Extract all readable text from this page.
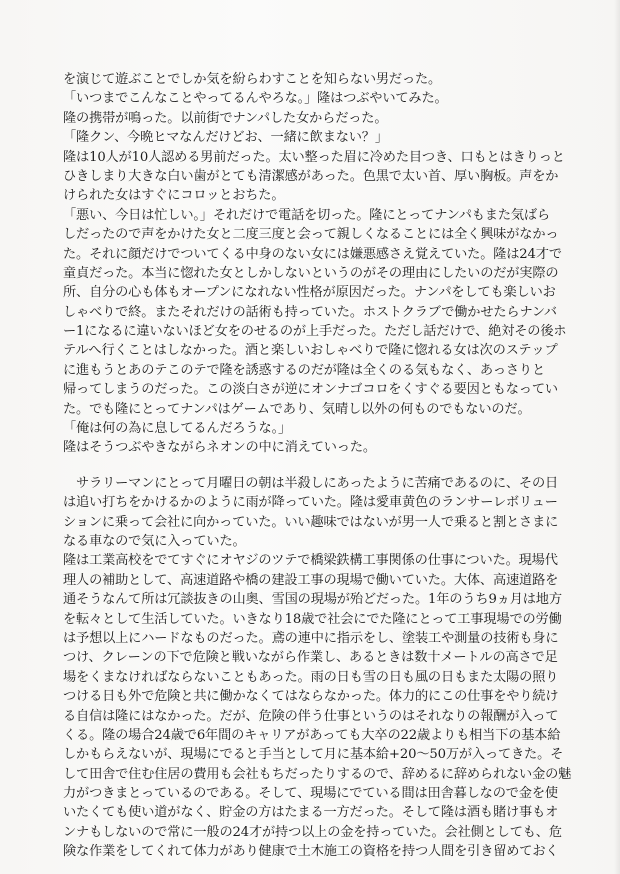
を演じて遊ぶことでしか気を紛らわすことを知らない男だった。
「いつまでこんなことやってるんやろな。」隆はつぶやいてみた。
隆の携帯が鳴った。以前街でナンパした女からだった。
「隆クン、今晩ヒマなんだけどお、一緒に飲まない？」
隆は10人が10人認める男前だった。太い整った眉に冷めた目つき、口もとはきりっと
ひきしまり大きな白い歯がとても清潔感があった。色黒で太い首、厚い胸板。声をか
けられた女はすぐにコロッとおちた。
「悪い、今日は忙しい。」それだけで電話を切った。隆にとってナンパもまた気ばら
しだったので声をかけた女と二度三度と会って親しくなることには全く興味がなかっ
た。それに顔だけでついてくる中身のない女には嫌悪感さえ覚えていた。隆は24才で
童貞だった。本当に惚れた女としかしないというのがその理由にしたいのだが実際の
所、自分の心も体もオープンになれない性格が原因だった。ナンパをしても楽しいお
しゃべりで終。またそれだけの話術も持っていた。ホストクラブで働かせたらナンバ
ー1になるに違いないほど女をのせるのが上手だった。ただし話だけで、絶対その後ホ
テルへ行くことはしなかった。酒と楽しいおしゃべりで隆に惚れる女は次のステップ
に進もうとあのテこのテで隆を誘惑するのだが隆は全くのる気もなく、あっさりと
帰ってしまうのだった。この淡白さが逆にオンナゴコロをくすぐる要因ともなってい
た。でも隆にとってナンパはゲームであり、気晴し以外の何ものでもないのだ。
「俺は何の為に息してるんだろうな。」
隆はそうつぶやきながらネオンの中に消えていった。
　サラリーマンにとって月曜日の朝は半殺しにあったように苦痛であるのに、その日
は追い打ちをかけるかのように雨が降っていた。隆は愛車黄色のランサーレボリュー
ションに乗って会社に向かっていた。いい趣味ではないが男一人で乗ると割とさまに
なる車なので気に入っていた。
隆は工業高校をでてすぐにオヤジのツテで橋梁鉄構工事関係の仕事についた。現場代
理人の補助として、高速道路や橋の建設工事の現場で働いていた。大体、高速道路を
通そうなんて所は冗談抜きの山奥、雪国の現場が殆どだった。1年のうち9ヵ月は地方
を転々として生活していた。いきなり18歳で社会にでた隆にとって工事現場での労働
は予想以上にハードなものだった。鳶の連中に指示をし、塗装工や測量の技術も身に
つけ、クレーンの下で危険と戦いながら作業し、あるときは数十メートルの高さで足
場をくまなければならないこともあった。雨の日も雪の日も風の日もまた太陽の照り
つける日も外で危険と共に働かなくてはならなかった。体力的にこの仕事をやり続け
る自信は隆にはなかった。だが、危険の伴う仕事というのはそれなりの報酬が入って
くる。隆の場合24歳で6年間のキャリアがあっても大卒の22歳よりも相当下の基本給
しかもらえないが、現場にでると手当として月に基本給+20～50万が入ってきた。そ
して田舎で住む住居の費用も会社もちだったりするので、辞めるに辞められない金の魅
力がつきまとっているのである。そして、現場にでている間は田舎暮しなので金を使
いたくても使い道がなく、貯金の方はたまる一方だった。そして隆は酒も賭け事もオ
ンナもしないので常に一般の24才が持つ以上の金を持っていた。会社側としても、危
険な作業をしてくれて体力があり健康で土木施工の資格を持つ人間を引き留めておく
